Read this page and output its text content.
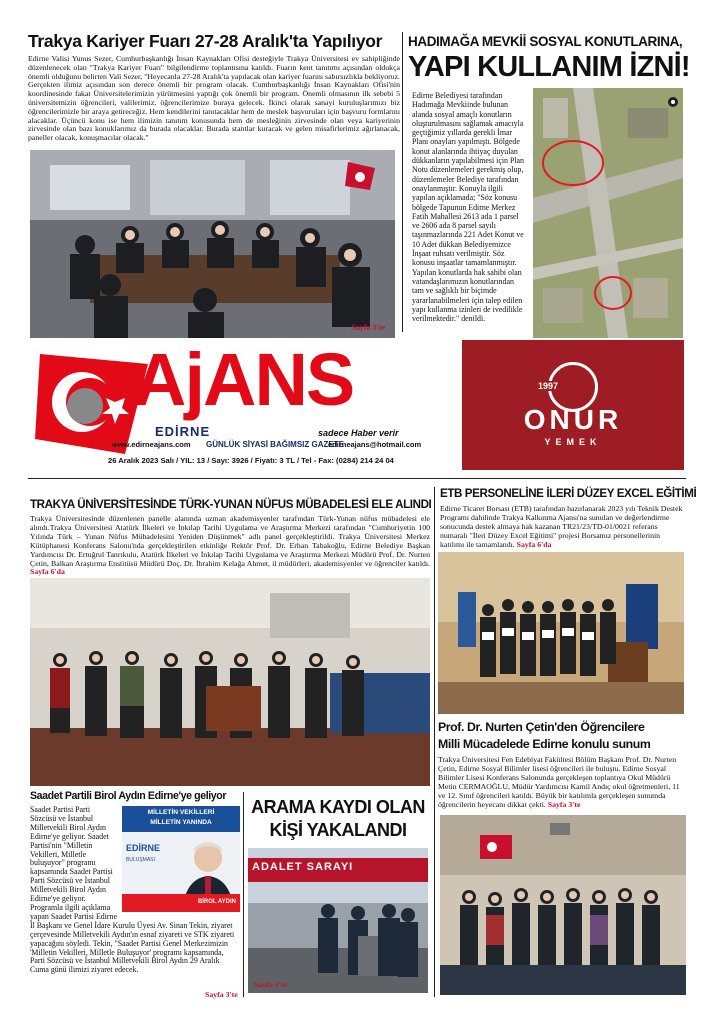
Trakya Kariyer Fuarı 27-28 Aralık'ta Yapılıyor
Edirne Valisi Yunus Sezer, Cumhurbaşkanlığı İnsan Kaynakları Ofisi desteğiyle Trakya Üniversitesi ev sahipliğinde düzenlenecek olan "Trakya Kariyer Fuarı" bilgilendirme toplantısına katıldı. Fuarın kent tanıtımı açısından oldukça önemli olduğunu belirten Vali Sezer, "Heyecanla 27-28 Aralık'ta yapılacak olan kariyer fuarını sabırsızlıkla bekliyoruz. Gerçekten ilimiz açısından son derece önemli bir program olacak. Cumhurbaşkanlığı İnsan Kaynakları Ofisi'nin koordinesinde fakat Üniversitelerimizin yürütmesini yaptığı çok önemli bir program. Önemli olmasının ilk sebebi 5 üniversitemizin öğrencileri, valilerimiz, öğrencilerimize buraya gelecek. İkinci olarak sanayi kuruluşlarımızı biz öğrencilerimizle bir araya getireceğiz. Hem kendilerini tanıtacaklar hem de meslek başvuruları için başvuru formlarını alacaklar. Üçüncü konu ise hem ilimizin tanıtım konusunda hem de mesleğinin zirvesinde olan veya kariyerinin zirvesinde olan bazı konuklarımız da burada olacaklar. Burada stantlar kuracak ve gelen misafirlerimiz ağırlanacak, paneller olacak, konuşmacılar olacak."
Sayfa 3'te
HADIMAĞA MEVKİİ SOSYAL KONUTLARINA,
YAPI KULLANIM İZNİ!
Edirne Belediyesi tarafından Hadımağa Mevkiinde bulunan alanda sosyal amaçlı konutların oluşturulmasını sağlamak amacıyla geçtiğimiz yıllarda gerekli İmar Planı onayları yapılmıştı. Bölgede konut alanlarında ihtiyaç duyulan dükkanların yapılabilmesi için Plan Notu düzenlemeleri gerekmiş olup, düzenlemeler Belediye tarafından onaylanmıştır. Konuyla ilgili yapılan açıklamada; "Söz konusu bölgede Tapunun Edirne Merkez Fatih Mahallesi 2613 ada 1 parsel ve 2606 ada 8 parsel sayılı taşınmazlarında 221 Adet Konut ve 10 Adet dükkan Belediyemizce İnşaat ruhsatı verilmiştir. Söz konusu inşaatlar tamamlanmıştır. Yapılan konutlarda hak sahibi olan vatandaşlarımızın konutlarından tam ve sağlıklı bir biçimde yararlanabilmeleri için talep edilen yapı kullanma izinleri de ivedilikle verilmektedir." denildi.
AjANS
EDİRNE
www.edirneajans.com GÜNLÜK SİYASİ BAĞIMSIZ GAZETE
sadece Haber verir
edirneajans@hotmail.com
26 Aralık 2023 Salı / YIL: 13 / Sayı: 3926 / Fiyatı: 3 TL / Tel - Fax: (0284) 214 24 04
1997
ONUR
YEMEK
TRAKYA ÜNİVERSİTESİNDE TÜRK-YUNAN NÜFUS MÜBADELESİ ELE ALINDI
Trakya Üniversitesinde düzenlenen panelle alanında uzman akademisyenler tarafından Türk-Yunan nüfus mübadelesi ele alındı.Trakya Üniversitesi Atatürk İlkeleri ve İnkılap Tarihi Uygulama ve Araştırma Merkezi tarafından "Cumhuriyetin 100 Yılında Türk – Yunan Nüfus Mübadelesini Yeniden Düşünmek" adlı panel gerçekleştirildi. Trakya Üniversitesi Merkez Kütüphanesi Konferans Salonu'nda gerçekleştirilen etkinliğe Rektör Prof. Dr. Erhan Tabakoğlu, Edirne Belediye Başkan Yardımcısı Dr. Ertuğrul Tanrıkulu, Atatürk İlkeleri ve İnkılap Tarihi Uygulama ve Araştırma Merkezi Müdürü Prof. Dr. Nurten Çetin, Balkan Araştırma Enstitüsü Müdürü Doç. Dr. İbrahim Kelağa Ahmet, il müdürleri, akademisyenler ve öğrenciler katıldı. Sayfa 6'da
ETB PERSONELİNE İLERİ DÜZEY EXCEL EĞİTİMİ
Edirne Ticaret Borsası (ETB) tarafından hazırlanarak 2023 yılı Teknik Destek Programı dahilinde Trakya Kalkınma Ajansı'na sunulan ve değerlendirme sonucunda destek almaya hak kazanan TR21/23/TD-01/0021 referans numaralı "İleri Düzey Excel Eğitimi" projesi Borsamız personellerinin katılımı ile tamamlandı. Sayfa 6'da
Saadet Partili Birol Aydın Edirne'ye geliyor
MİLLETİN VEKİLLERİ
MİLLETİN YANINDA
EDİRNE
BULUŞMASI
BİROL AYDIN
Saadet Partisi Parti Sözcüsü ve İstanbul Milletvekili Birol Aydın Edirne'ye geliyor. Saadet Partisi'nin "Milletin Vekilleri, Milletle buluşuyor" programı kapsamında Saadet Partisi Parti Sözcüsü ve İstanbul Milletvekili Birol Aydın Edirne'ye geliyor. Programla ilgili açıklama yapan Saadet Partisi Edirne İl Başkanı ve Genel İdare Kurulu Üyesi Av. Sinan Tekin, ziyaret çerçevesinde Milletvekili Aydın'ın esnaf ziyareti ve STK ziyareti yapacağını söyledi. Tekin, "Saadet Partisi Genel Merkezimizin 'Milletin Vekilleri, Milletle Buluşuyor' programı kapsamında, Parti Sözcüsü ve İstanbul Milletvekili Birol Aydın 29 Aralık Cuma günü ilimizi ziyaret edecek.
Sayfa 3'te
ARAMA KAYDI OLAN
KİŞİ YAKALANDI
ADALET SARAYI
Sayfa 3'te
Prof. Dr. Nurten Çetin'den Öğrencilere
Milli Mücadelede Edirne konulu sunum
Trakya Üniversitesi Fen Edebiyat Fakültesi Bölüm Başkanı Prof. Dr. Nurten Çetin, Edirne Sosyal Bilimler lisesi öğrencileri ile buluştu. Edirne Sosyal Bilimler Lisesi Konferans Salonunda gerçekleşen toplantıya Okul Müdürü Metin CERMAOĞLU, Müdür Yardımcısı Kamil Andıç okul öğretmenleri, 11 ve 12. Sınıf öğrencileri katıldı. Büyük bir katılımla gerçekleşen sunumda öğrencilerin heyecanı dikkat çekti. Sayfa 3'te
